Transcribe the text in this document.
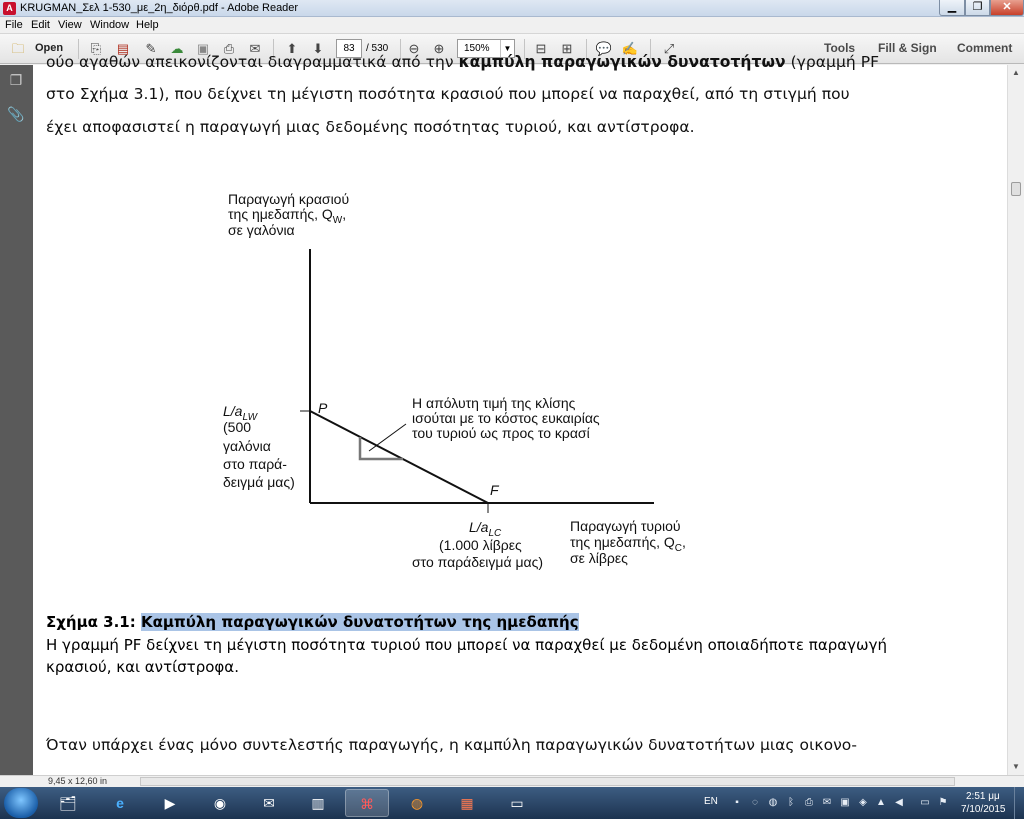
A KRUGMAN_Σελ 1-530_με_2η_διόρθ.pdf - Adobe Reader	▁	❐	✕
File Edit View Window Help
🗀 Open ⎘ ▤ ✎ ☁ ▣ ⎙ ✉ ⬆ ⬇	83	/ 530 ⊖ ⊕	150%	▼ ⊟ ⊞ 💬 ✍ ⤢	Tools Fill & Sign Comment
❐
📎
ούο αγαθών απεικονίζονται διαγραμματικά από την καμπύλη παραγωγικών δυνατοτήτων (γραμμή ΡF
στο Σχήμα 3.1), που δείχνει τη μέγιστη ποσότητα κρασιού που μπορεί να παραχθεί, από τη στιγμή που
έχει αποφασιστεί η παραγωγή μιας δεδομένης ποσότητας τυριού, και αντίστροφα.
Παραγωγή κρασιού
της ημεδαπής, $Q_W$,
σε γαλόνια
$L/a_{LW}$
(500
γαλόνια
στο παρά-
δειγμά μας)
P
F
Η απόλυτη τιμή της κλίσης
ισούται με το κόστος ευκαιρίας
του τυριού ως προς το κρασί
$L/a_{LC}$
(1.000 λίβρες
στο παράδειγμά μας)
Παραγωγή τυριού
της ημεδαπής, $Q_C$,
σε λίβρες
Σχήμα 3.1: Καμπύλη παραγωγικών δυνατοτήτων της ημεδαπής
Η γραμμή ΡF δείχνει τη μέγιστη ποσότητα τυριού που μπορεί να παραχθεί με δεδομένη οποιαδήποτε παραγωγή
κρασιού, και αντίστροφα.
Όταν υπάρχει ένας μόνο συντελεστής παραγωγής, η καμπύλη παραγωγικών δυνατοτήτων μιας οικονο-
▲
▼
9,45 x 12,60 in
🗂	e	▶	◉	✉	▥	⌘	◍	▦	▭	EN	▪	◌	◍	ᛒ	⎙ ✉ ▣ ◈ ▲ ◀ ▭ ⚑
2:51 μμ
7/10/2015
